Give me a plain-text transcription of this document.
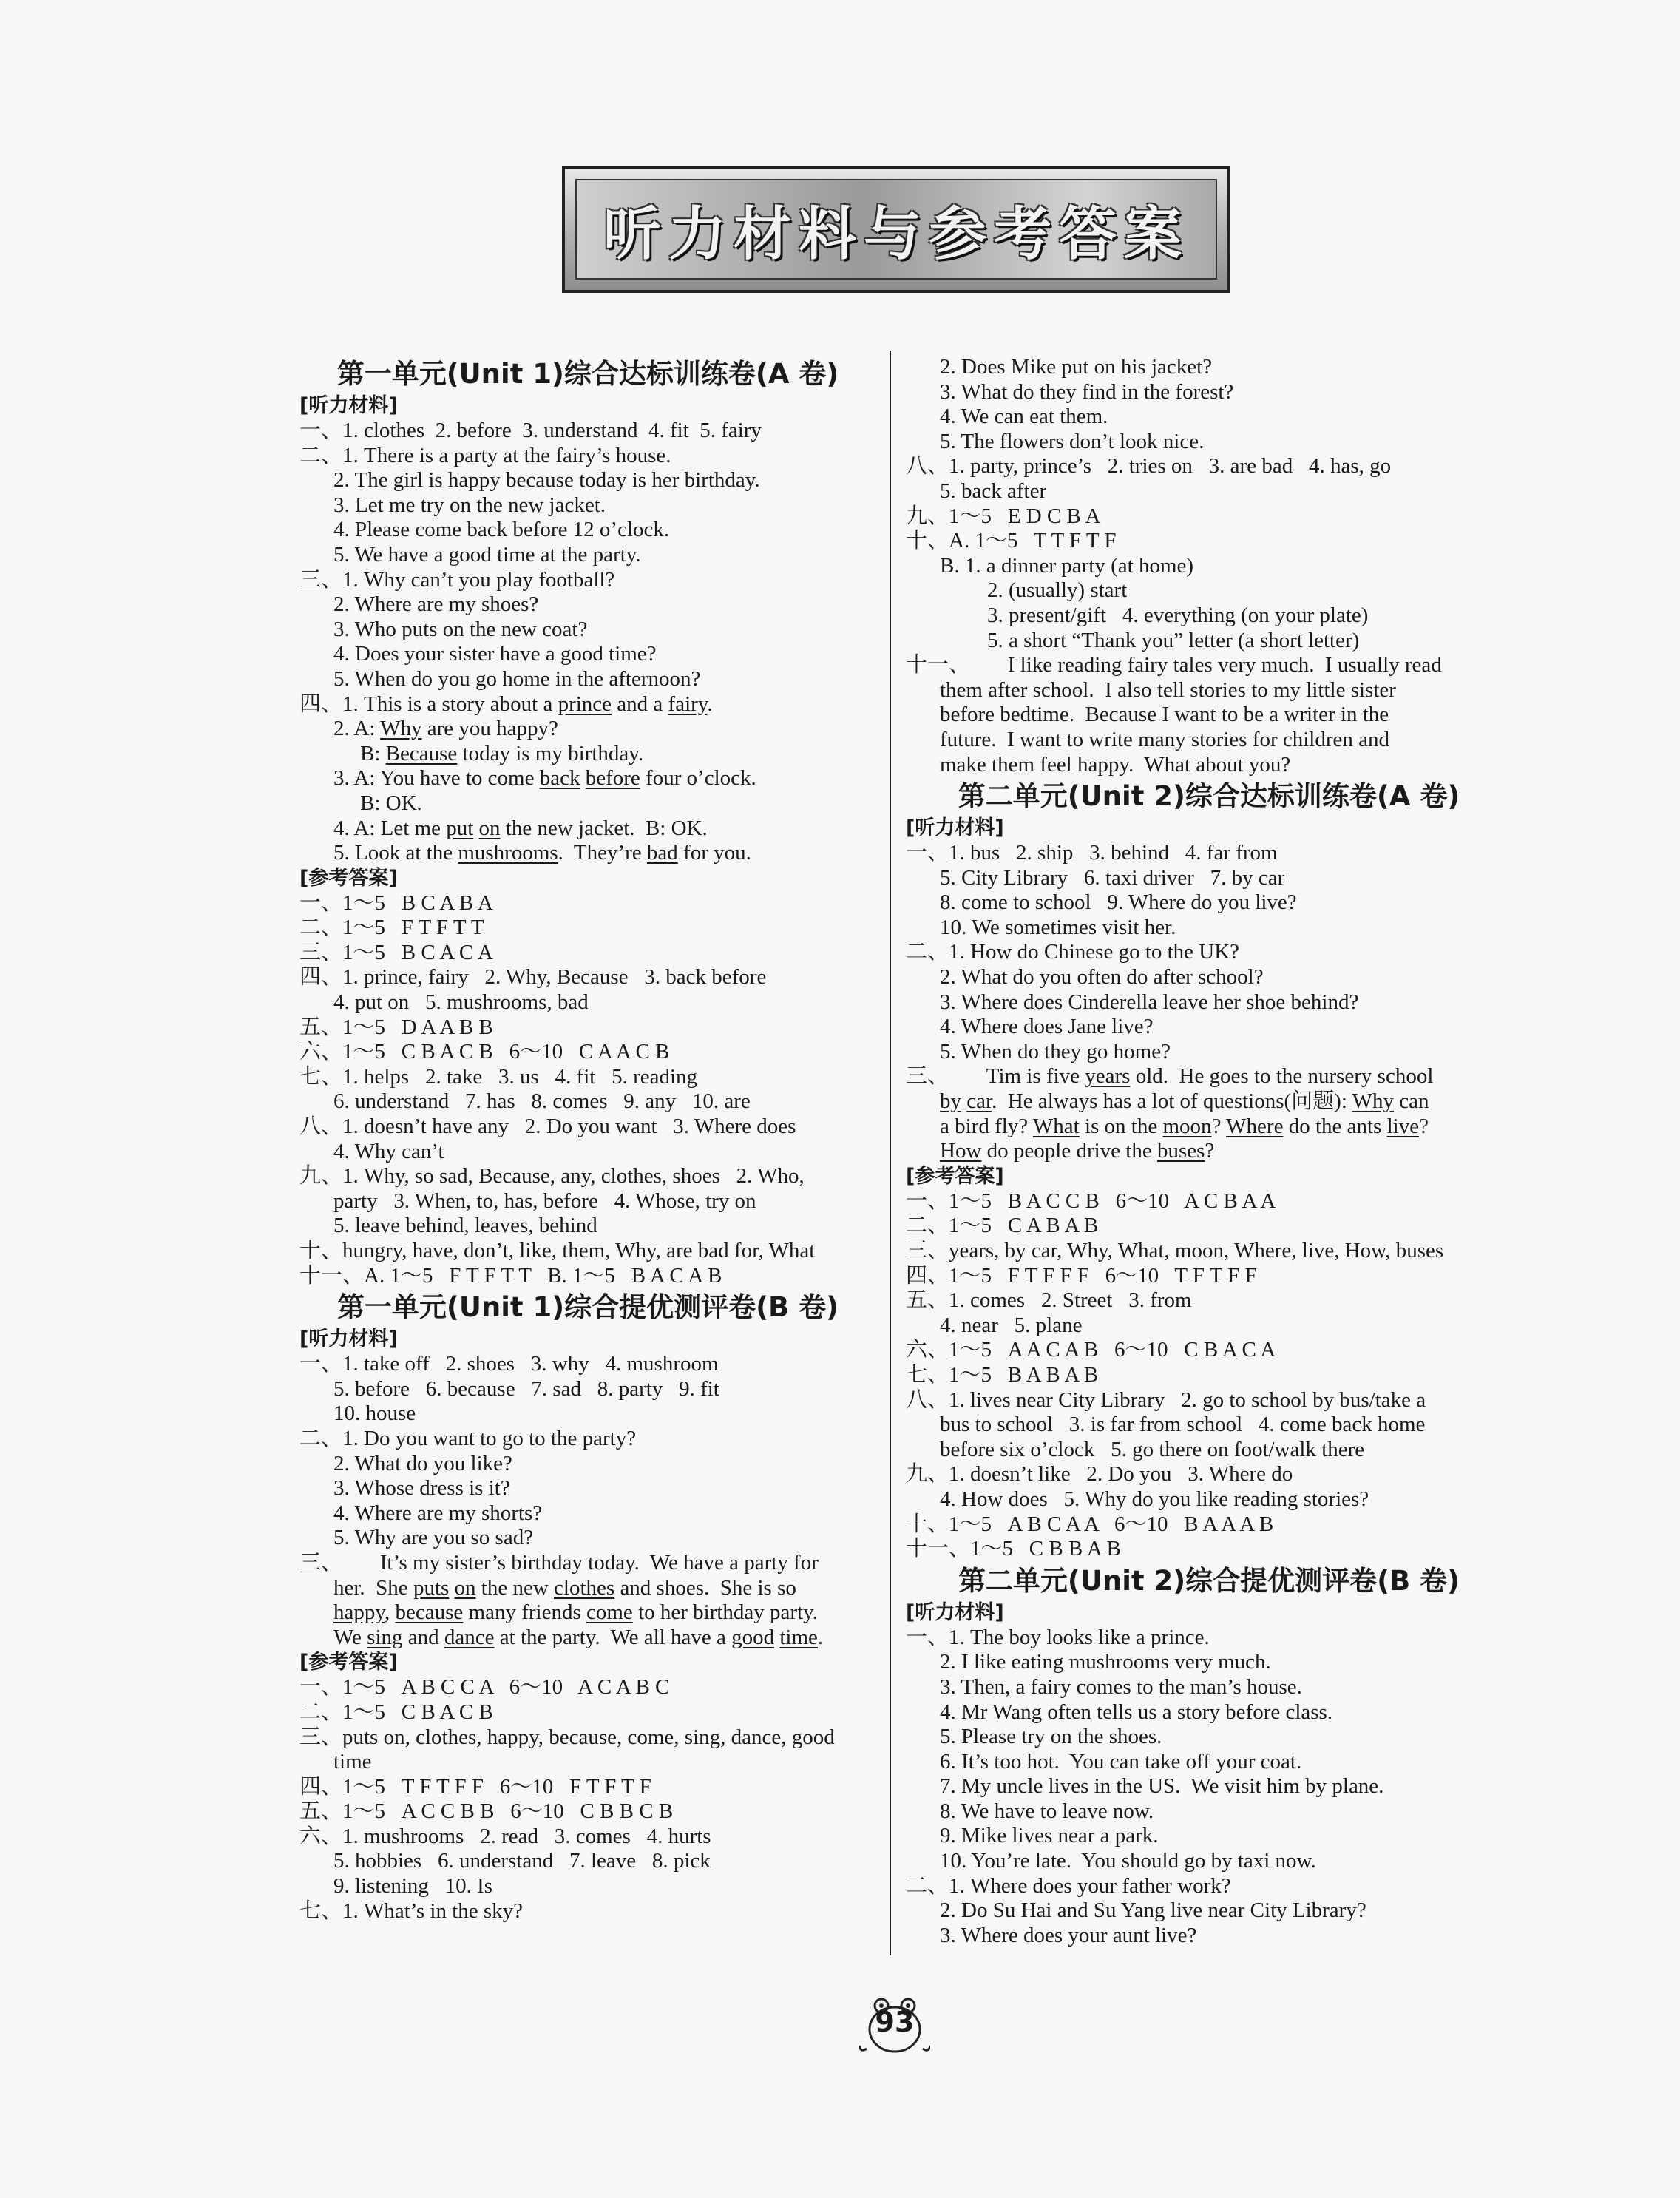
听力材料与参考答案
第一单元(Unit 1)综合达标训练卷(A 卷)
[听力材料]
一、1. clothes  2. before  3. understand  4. fit  5. fairy
二、1. There is a party at the fairy’s house.
2. The girl is happy because today is her birthday.
3. Let me try on the new jacket.
4. Please come back before 12 o’clock.
5. We have a good time at the party.
三、1. Why can’t you play football?
2. Where are my shoes?
3. Who puts on the new coat?
4. Does your sister have a good time?
5. When do you go home in the afternoon?
四、1. This is a story about a prince and a fairy.
2. A: Why are you happy?
B: Because today is my birthday.
3. A: You have to come back before four o’clock.
B: OK.
4. A: Let me put on the new jacket.  B: OK.
5. Look at the mushrooms.  They’re bad for you.
[参考答案]
一、1～5   B C A B A
二、1～5   F T F T T
三、1～5   B C A C A
四、1. prince, fairy   2. Why, Because   3. back before
4. put on   5. mushrooms, bad
五、1～5   D A A B B
六、1～5   C B A C B   6～10   C A A C B
七、1. helps   2. take   3. us   4. fit   5. reading
6. understand   7. has   8. comes   9. any   10. are
八、1. doesn’t have any   2. Do you want   3. Where does
4. Why can’t
九、1. Why, so sad, Because, any, clothes, shoes   2. Who,
party   3. When, to, has, before   4. Whose, try on
5. leave behind, leaves, behind
十、hungry, have, don’t, like, them, Why, are bad for, What
十一、A. 1～5   F T F T T   B. 1～5   B A C A B
第一单元(Unit 1)综合提优测评卷(B 卷)
[听力材料]
一、1. take off   2. shoes   3. why   4. mushroom
5. before   6. because   7. sad   8. party   9. fit
10. house
二、1. Do you want to go to the party?
2. What do you like?
3. Whose dress is it?
4. Where are my shorts?
5. Why are you so sad?
三、       It’s my sister’s birthday today.  We have a party for
her.  She puts on the new clothes and shoes.  She is so
happy, because many friends come to her birthday party.
We sing and dance at the party.  We all have a good time.
[参考答案]
一、1～5   A B C C A   6～10   A C A B C
二、1～5   C B A C B
三、puts on, clothes, happy, because, come, sing, dance, good
time
四、1～5   T F T F F   6～10   F T F T F
五、1～5   A C C B B   6～10   C B B C B
六、1. mushrooms   2. read   3. comes   4. hurts
5. hobbies   6. understand   7. leave   8. pick
9. listening   10. Is
七、1. What’s in the sky?
2. Does Mike put on his jacket?
3. What do they find in the forest?
4. We can eat them.
5. The flowers don’t look nice.
八、1. party, prince’s   2. tries on   3. are bad   4. has, go
5. back after
九、1～5   E D C B A
十、A. 1～5   T T F T F
B. 1. a dinner party (at home)
2. (usually) start
3. present/gift   4. everything (on your plate)
5. a short “Thank you” letter (a short letter)
十一、       I like reading fairy tales very much.  I usually read
them after school.  I also tell stories to my little sister
before bedtime.  Because I want to be a writer in the
future.  I want to write many stories for children and
make them feel happy.  What about you?
第二单元(Unit 2)综合达标训练卷(A 卷)
[听力材料]
一、1. bus   2. ship   3. behind   4. far from
5. City Library   6. taxi driver   7. by car
8. come to school   9. Where do you live?
10. We sometimes visit her.
二、1. How do Chinese go to the UK?
2. What do you often do after school?
3. Where does Cinderella leave her shoe behind?
4. Where does Jane live?
5. When do they go home?
三、       Tim is five years old.  He goes to the nursery school
by car.  He always has a lot of questions(问题): Why can
a bird fly? What is on the moon? Where do the ants live?
How do people drive the buses?
[参考答案]
一、1～5   B A C C B   6～10   A C B A A
二、1～5   C A B A B
三、years, by car, Why, What, moon, Where, live, How, buses
四、1～5   F T F F F   6～10   T F T F F
五、1. comes   2. Street   3. from
4. near   5. plane
六、1～5   A A C A B   6～10   C B A C A
七、1～5   B A B A B
八、1. lives near City Library   2. go to school by bus/take a
bus to school   3. is far from school   4. come back home
before six o’clock   5. go there on foot/walk there
九、1. doesn’t like   2. Do you   3. Where do
4. How does   5. Why do you like reading stories?
十、1～5   A B C A A   6～10   B A A A B
十一、1～5   C B B A B
第二单元(Unit 2)综合提优测评卷(B 卷)
[听力材料]
一、1. The boy looks like a prince.
2. I like eating mushrooms very much.
3. Then, a fairy comes to the man’s house.
4. Mr Wang often tells us a story before class.
5. Please try on the shoes.
6. It’s too hot.  You can take off your coat.
7. My uncle lives in the US.  We visit him by plane.
8. We have to leave now.
9. Mike lives near a park.
10. You’re late.  You should go by taxi now.
二、1. Where does your father work?
2. Do Su Hai and Su Yang live near City Library?
3. Where does your aunt live?
93
